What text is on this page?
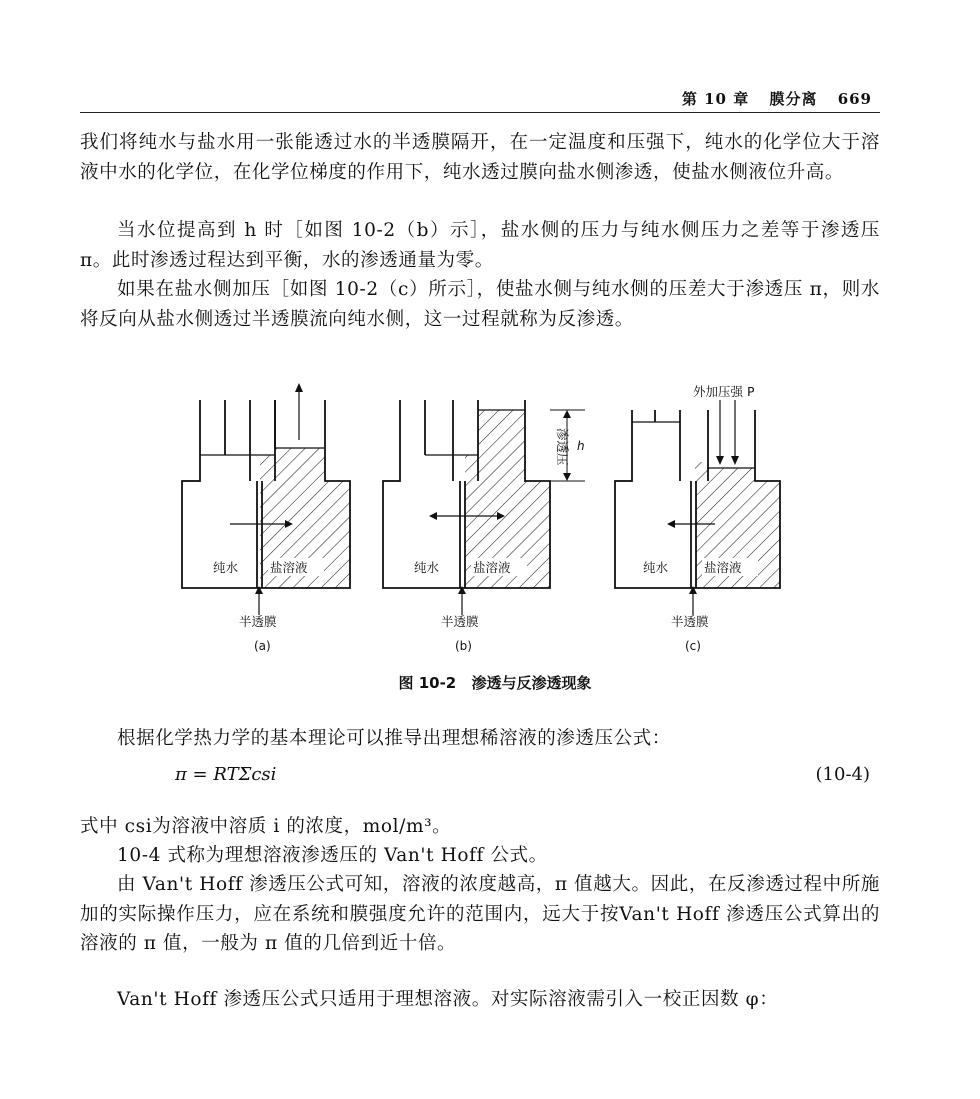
第 10 章 膜分离 669
我们将纯水与盐水用一张能透过水的半透膜隔开，在一定温度和压强下，纯水的化学位大于溶液中水的化学位，在化学位梯度的作用下，纯水透过膜向盐水侧渗透，使盐水侧液位升高。
当水位提高到 h 时［如图 10-2（b）示］，盐水侧的压力与纯水侧压力之差等于渗透压 π。此时渗透过程达到平衡，水的渗透通量为零。
如果在盐水侧加压［如图 10-2（c）所示］，使盐水侧与纯水侧的压差大于渗透压 π，则水将反向从盐水侧透过半透膜流向纯水侧，这一过程就称为反渗透。
纯水	盐溶液	纯水	盐溶液	纯水	盐溶液
半透膜	半透膜	半透膜
(a)	(b)	(c)
渗透压 h
外加压强 P
图 10-2 渗透与反渗透现象
根据化学热力学的基本理论可以推导出理想稀溶液的渗透压公式：
π = RTΣcsi	(10-4)
式中 csi为溶液中溶质 i 的浓度，mol/m³。
10-4 式称为理想溶液渗透压的 Van't Hoff 公式。
由 Van't Hoff 渗透压公式可知，溶液的浓度越高，π 值越大。因此，在反渗透过程中所施加的实际操作压力，应在系统和膜强度允许的范围内，远大于按Van't Hoff 渗透压公式算出的溶液的 π 值，一般为 π 值的几倍到近十倍。
Van't Hoff 渗透压公式只适用于理想溶液。对实际溶液需引入一校正因数 φ：
